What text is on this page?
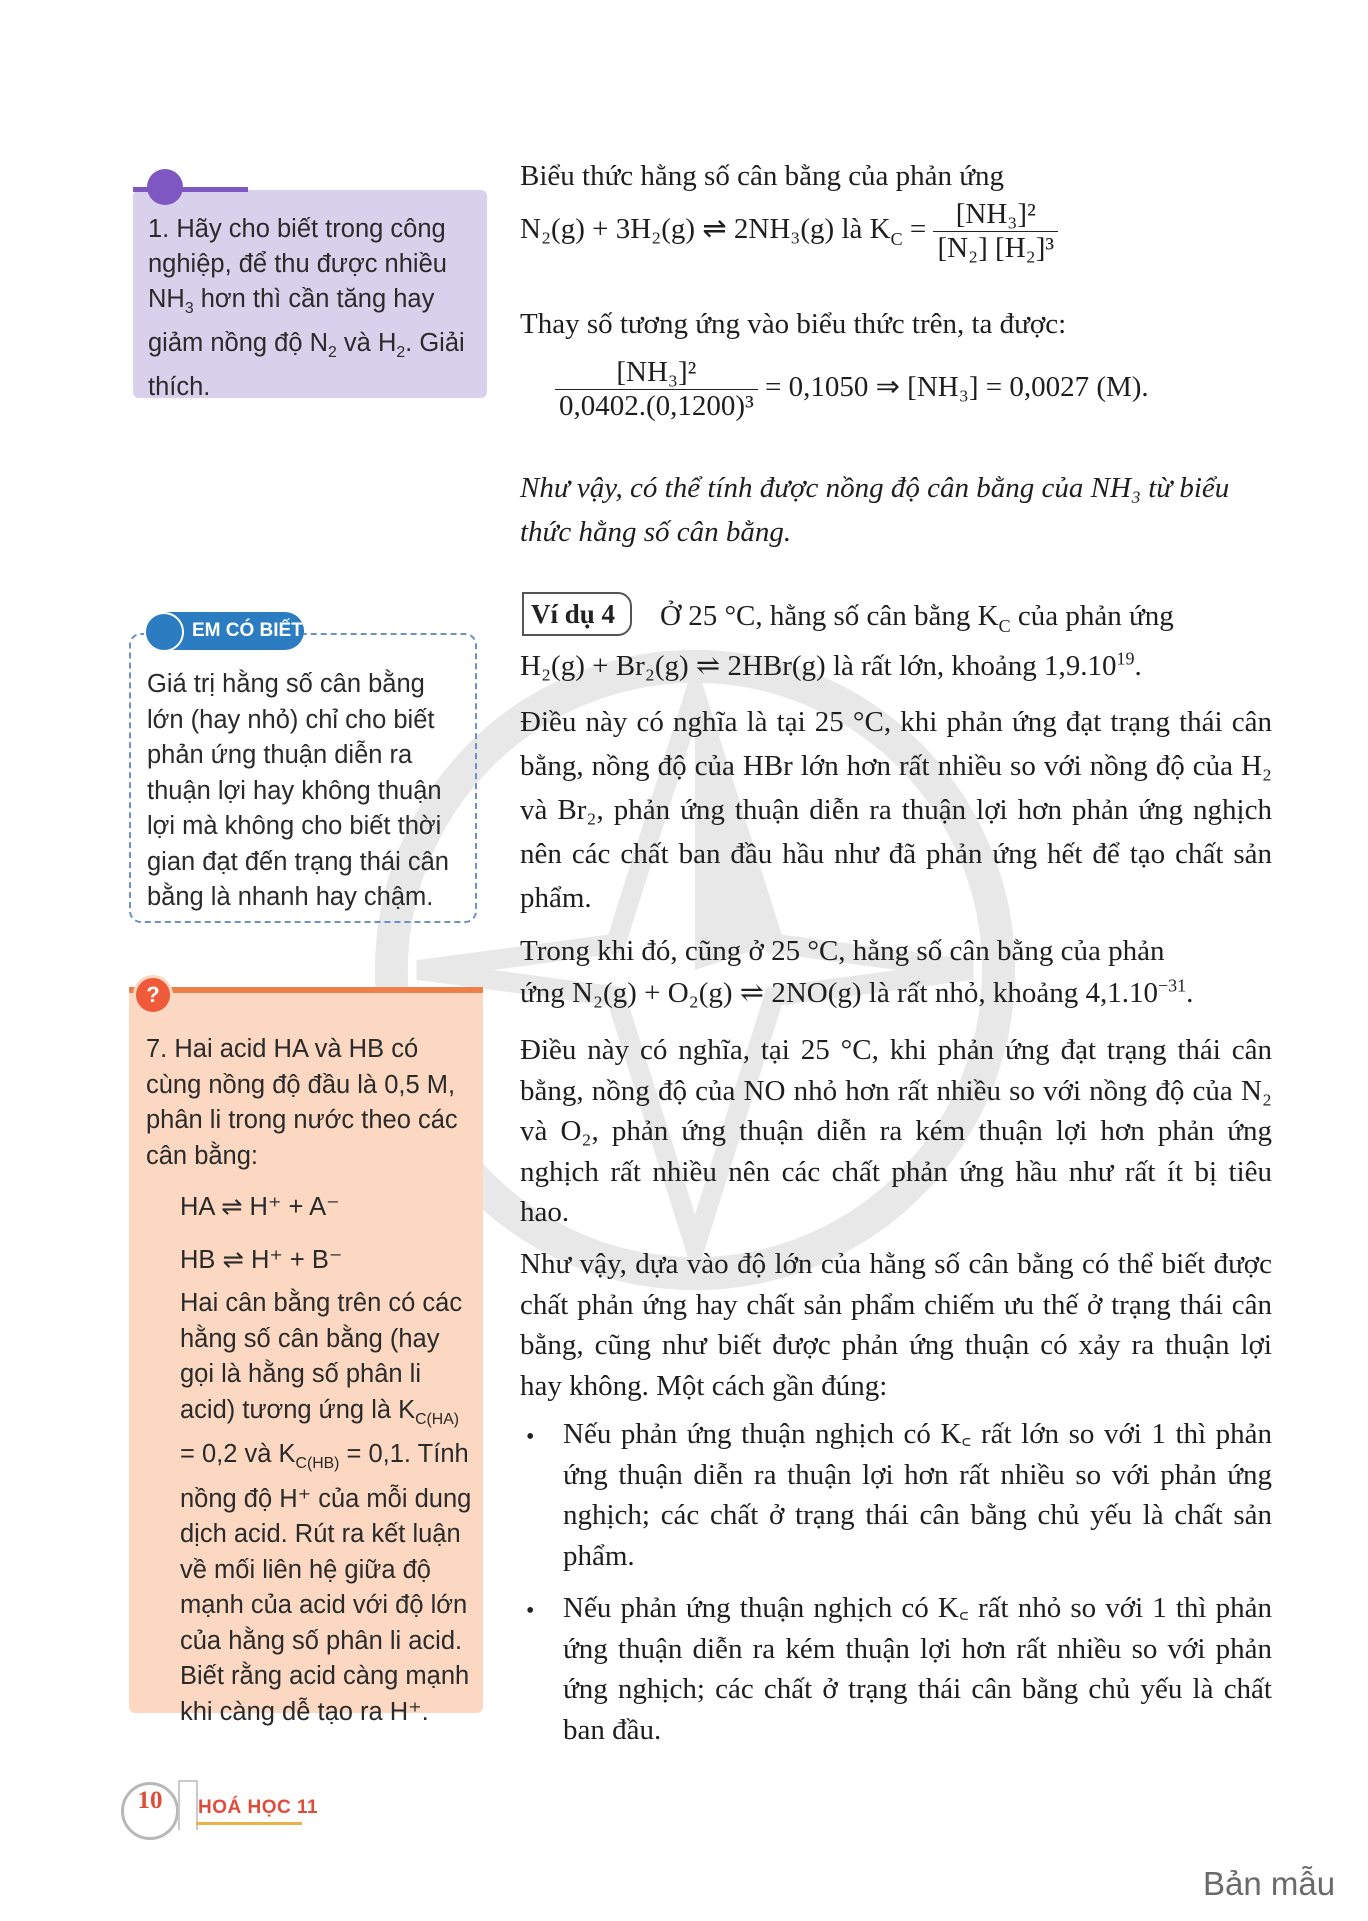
1. Hãy cho biết trong công nghiệp, để thu được nhiều $NH_3$ hơn thì cần tăng hay giảm nồng độ $N_2$ và $H_2$. Giải thích.
EM CÓ BIẾT
Giá trị hằng số cân bằng lớn (hay nhỏ) chỉ cho biết phản ứng thuận diễn ra thuận lợi hay không thuận lợi mà không cho biết thời gian đạt đến trạng thái cân bằng là nhanh hay chậm.
?
7. Hai acid HA và HB có cùng nồng độ đầu là 0,5 M, phân li trong nước theo các cân bằng:
HA ⇌ H⁺ + A⁻
HB ⇌ H⁺ + B⁻
Hai cân bằng trên có các hằng số cân bằng (hay gọi là hằng số phân li acid) tương ứng là $K_{C(HA)} = 0,2$ và $K_{C(HB)} = 0,1$. Tính nồng độ H⁺ của mỗi dung dịch acid. Rút ra kết luận về mối liên hệ giữa độ mạnh của acid với độ lớn của hằng số phân li acid. Biết rằng acid càng mạnh khi càng dễ tạo ra H⁺.
Biểu thức hằng số cân bằng của phản ứng
N₂(g) + 3H₂(g) ⇌ 2NH₃(g) là $K_C = \frac{\text{[NH₃]²}}{\text{[N₂] [H₂]³}}$
Thay số tương ứng vào biểu thức trên, ta được:
$\frac{\text{[NH₃]²}}{\text{0,0402.(0,1200)³}} = 0,1050$ ⇒ [NH₃] = 0,0027 (M).
Như vậy, có thể tính được nồng độ cân bằng của NH₃ từ biểu thức hằng số cân bằng.
Ví dụ 4	Ở 25 °C, hằng số cân bằng $K_C$ của phản ứng
H₂(g) + Br₂(g) ⇌ 2HBr(g) là rất lớn, khoảng 1,9.10$^{19}$.
Điều này có nghĩa là tại 25 °C, khi phản ứng đạt trạng thái cân bằng, nồng độ của HBr lớn hơn rất nhiều so với nồng độ của H₂ và Br₂, phản ứng thuận diễn ra thuận lợi hơn phản ứng nghịch nên các chất ban đầu hầu như đã phản ứng hết để tạo chất sản phẩm.
Trong khi đó, cũng ở 25 °C, hằng số cân bằng của phản
ứng N₂(g) + O₂(g) ⇌ 2NO(g) là rất nhỏ, khoảng $4,1.10^{-31}$.
Điều này có nghĩa, tại 25 °C, khi phản ứng đạt trạng thái cân bằng, nồng độ của NO nhỏ hơn rất nhiều so với nồng độ của N₂ và O₂, phản ứng thuận diễn ra kém thuận lợi hơn phản ứng nghịch rất nhiều nên các chất phản ứng hầu như rất ít bị tiêu hao.
Như vậy, dựa vào độ lớn của hằng số cân bằng có thể biết được chất phản ứng hay chất sản phẩm chiếm ưu thế ở trạng thái cân bằng, cũng như biết được phản ứng thuận có xảy ra thuận lợi hay không. Một cách gần đúng:
• Nếu phản ứng thuận nghịch có K꜀ rất lớn so với 1 thì phản ứng thuận diễn ra thuận lợi hơn rất nhiều so với phản ứng nghịch; các chất ở trạng thái cân bằng chủ yếu là chất sản phẩm.
• Nếu phản ứng thuận nghịch có K꜀ rất nhỏ so với 1 thì phản ứng thuận diễn ra kém thuận lợi hơn rất nhiều so với phản ứng nghịch; các chất ở trạng thái cân bằng chủ yếu là chất ban đầu.
10	HOÁ HỌC 11
Bản mẫu
